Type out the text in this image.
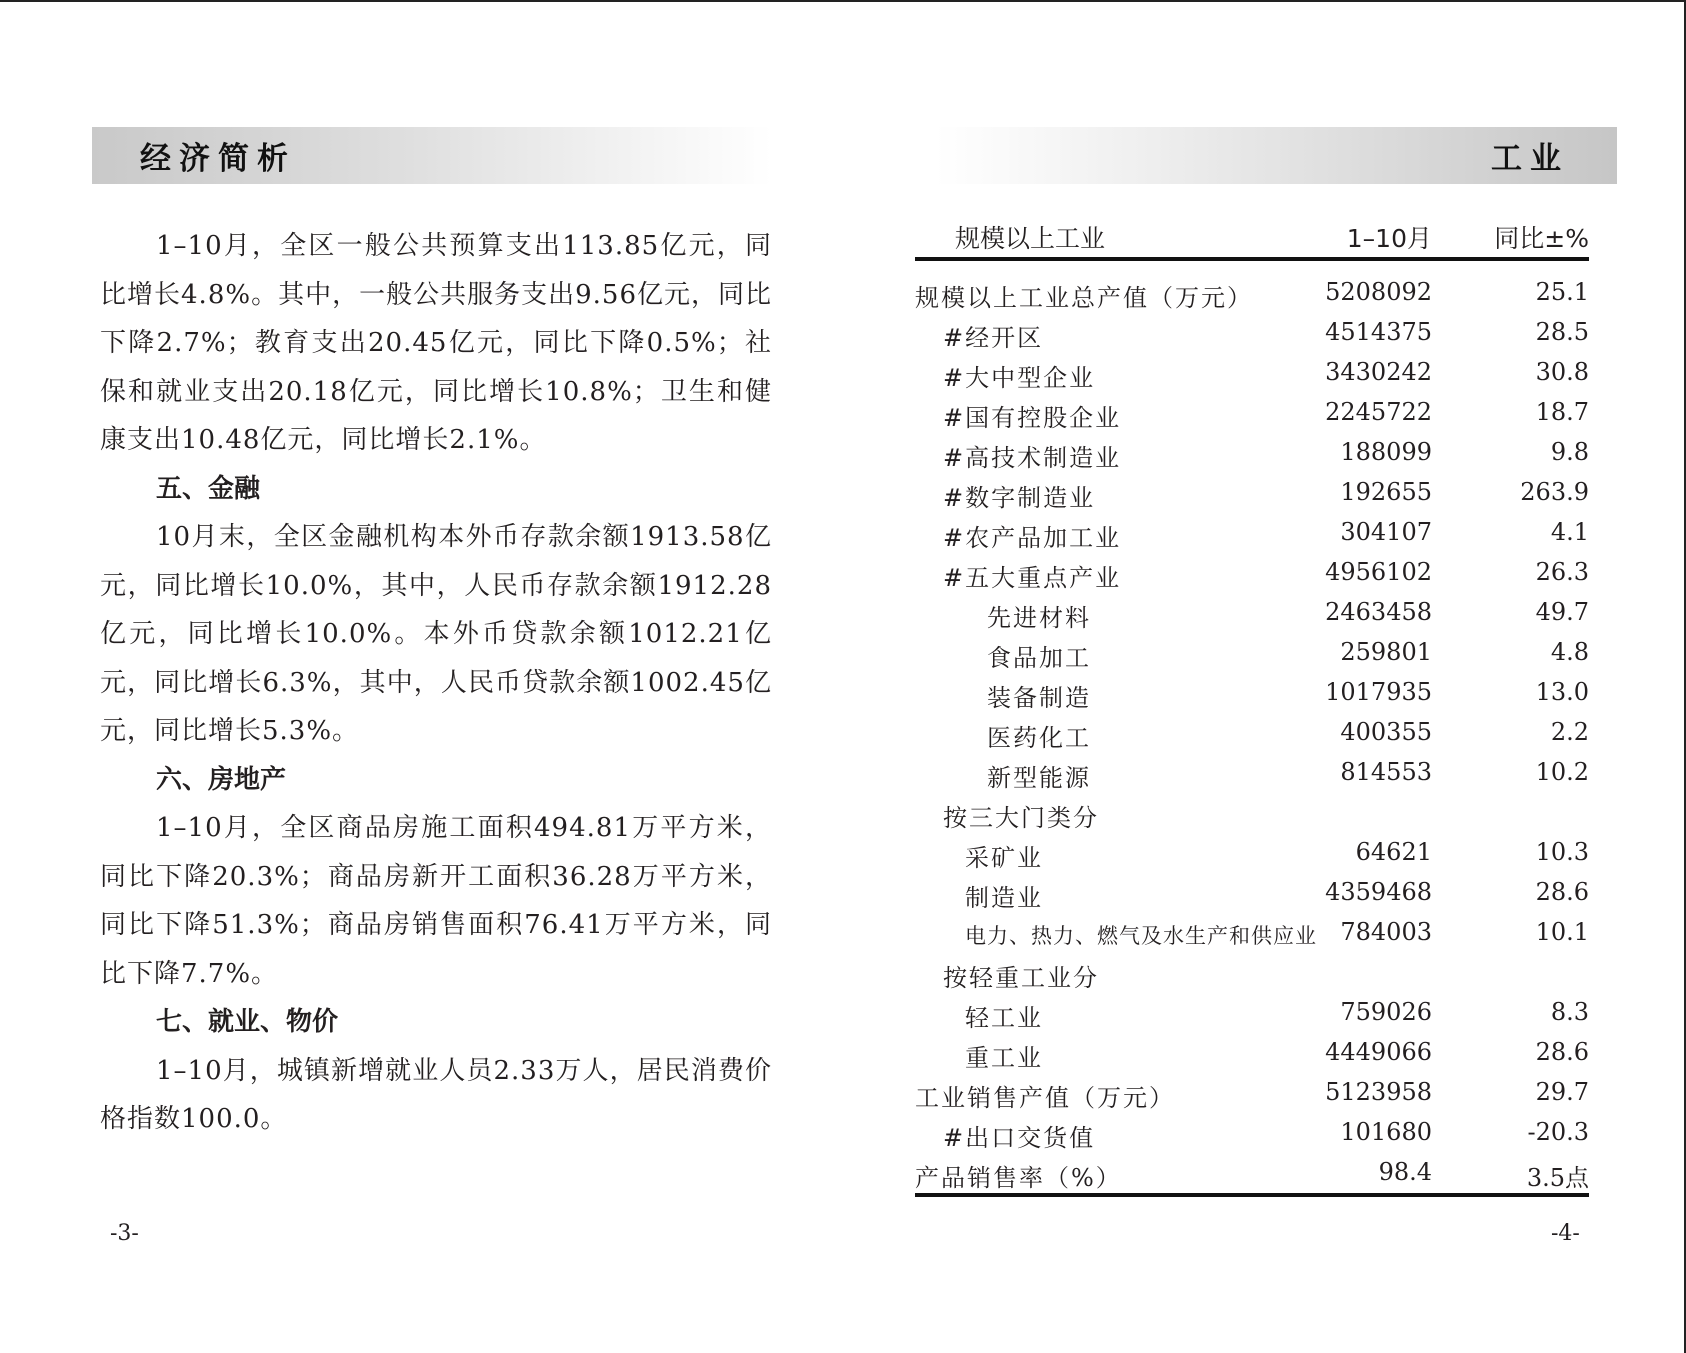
经济简析

1–10月，全区一般公共预算支出113.85亿元，同比增长4.8%。其中，一般公共服务支出9.56亿元，同比下降2.7%；教育支出20.45亿元，同比下降0.5%；社保和就业支出20.18亿元，同比增长10.8%；卫生和健康支出10.48亿元，同比增长2.1%。

五、金融

10月末，全区金融机构本外币存款余额1913.58亿元，同比增长10.0%，其中，人民币存款余额1912.28亿元，同比增长10.0%。本外币贷款余额1012.21亿元，同比增长6.3%，其中，人民币贷款余额1002.45亿元，同比增长5.3%。

六、房地产

1–10月，全区商品房施工面积494.81万平方米，同比下降20.3%；商品房新开工面积36.28万平方米，同比下降51.3%；商品房销售面积76.41万平方米，同比下降7.7%。

七、就业、物价

1–10月，城镇新增就业人员2.33万人，居民消费价格指数100.0。

-3-
工业
规模以上工业	1–10月 同比±%
规模以上工业总产值（万元）	5208092	25.1
#经开区	4514375	28.5
#大中型企业	3430242	30.8
#国有控股企业	2245722	18.7
#高技术制造业	188099	9.8
#数字制造业	192655	263.9
#农产品加工业	304107	4.1
#五大重点产业	4956102	26.3
先进材料	2463458	49.7
食品加工	259801	4.8
装备制造	1017935	13.0
医药化工	400355	2.2
新型能源	814553	10.2
按三大门类分
采矿业	64621	10.3
制造业	4359468	28.6
电力、热力、燃气及水生产和供应业 784003	10.1
按轻重工业分
轻工业	759026	8.3
重工业	4449066	28.6
工业销售产值（万元）	5123958	29.7
#出口交货值	101680	-20.3
产品销售率（%）	98.4	3.5点
-4-
